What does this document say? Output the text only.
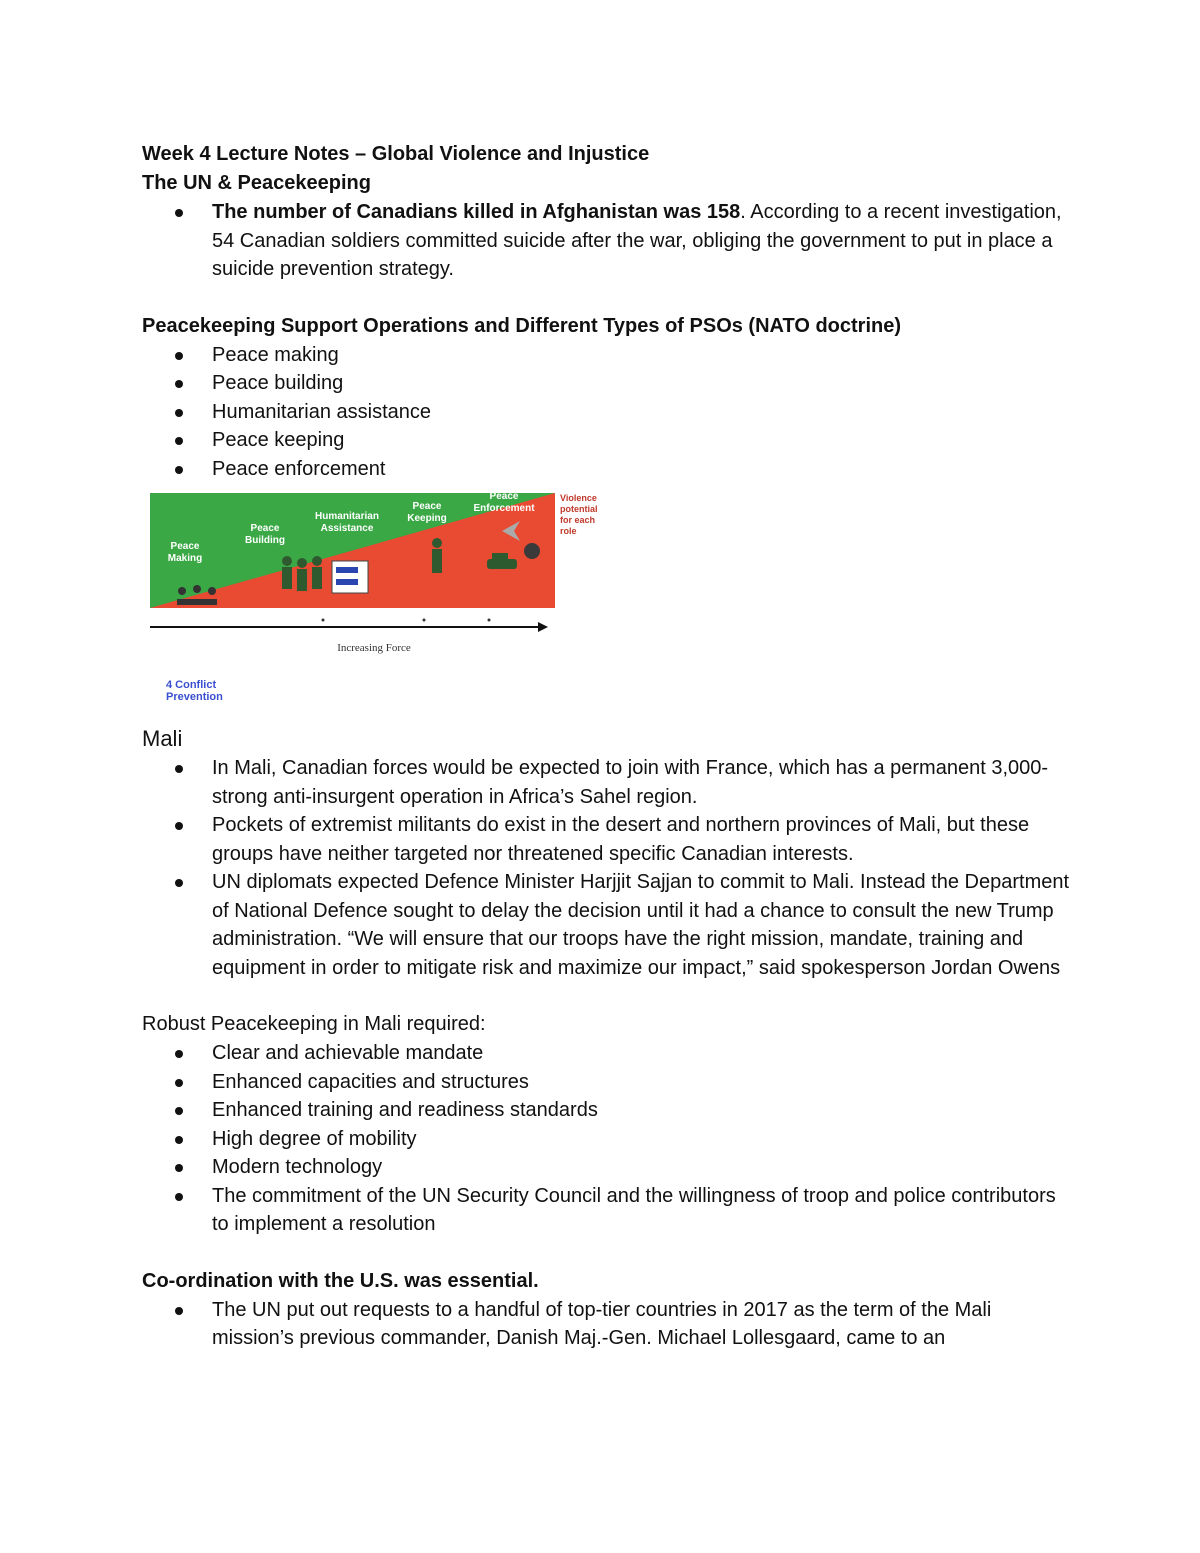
Week 4 Lecture Notes – Global Violence and Injustice
The UN & Peacekeeping
The number of Canadians killed in Afghanistan was 158. According to a recent investigation, 54 Canadian soldiers committed suicide after the war, obliging the government to put in place a suicide prevention strategy.
Peacekeeping Support Operations and Different Types of PSOs (NATO doctrine)
Peace making
Peace building
Humanitarian assistance
Peace keeping
Peace enforcement
Peace
Making
Peace
Building
Humanitarian
Assistance
Peace
Keeping
Peace
Enforcement
Violence
potential
for each
role
Increasing Force
4 Conflict Prevention
Mali
In Mali, Canadian forces would be expected to join with France, which has a permanent 3,000-strong anti-insurgent operation in Africa’s Sahel region.
Pockets of extremist militants do exist in the desert and northern provinces of Mali, but these groups have neither targeted nor threatened specific Canadian interests.
UN diplomats expected Defence Minister Harjjit Sajjan to commit to Mali. Instead the Department of National Defence sought to delay the decision until it had a chance to consult the new Trump administration. “We will ensure that our troops have the right mission, mandate, training and equipment in order to mitigate risk and maximize our impact,” said spokesperson Jordan Owens

Robust Peacekeeping in Mali required:

Clear and achievable mandate
Enhanced capacities and structures
Enhanced training and readiness standards
High degree of mobility
Modern technology
The commitment of the UN Security Council and the willingness of troop and police contributors to implement a resolution
Co-ordination with the U.S. was essential.
The UN put out requests to a handful of top-tier countries in 2017 as the term of the Mali mission’s previous commander, Danish Maj.-Gen. Michael Lollesgaard, came to an
